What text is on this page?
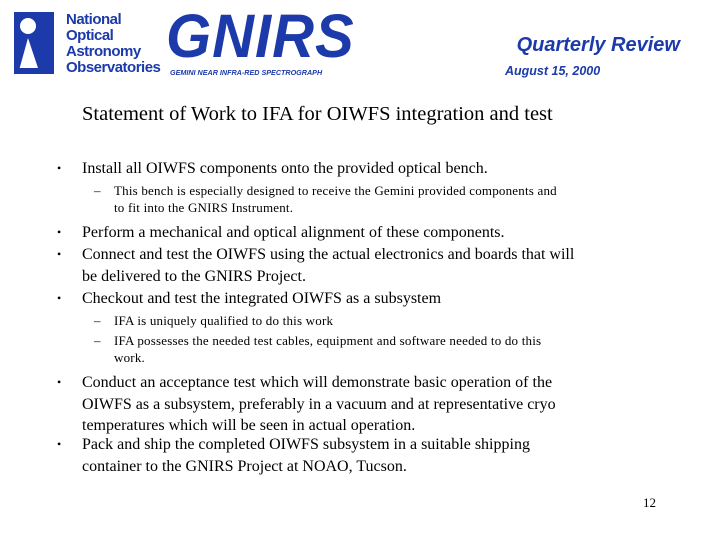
National
Optical
Astronomy
Observatories GNIRS
GEMINI NEAR INFRA-RED SPECTROGRAPH
Quarterly Review
August 15, 2000
Statement of Work to IFA for OIWFS integration and test
• Install all OIWFS components onto the provided optical bench.
– This bench is especially designed to receive the Gemini provided components and
to fit into the GNIRS Instrument.
• Perform a mechanical and optical alignment of these components.
• Connect and test the OIWFS using the actual electronics and boards that will
be delivered to the GNIRS Project.
• Checkout and test the integrated OIWFS as a subsystem
– IFA is uniquely qualified to do this work
– IFA possesses the needed test cables, equipment and software needed to do this
work.
• Conduct an acceptance test which will demonstrate basic operation of the
OIWFS as a subsystem, preferably in a vacuum and at representative cryo
temperatures which will be seen in actual operation.
• Pack and ship the completed OIWFS subsystem in a suitable shipping
container to the GNIRS Project at NOAO, Tucson.
12
